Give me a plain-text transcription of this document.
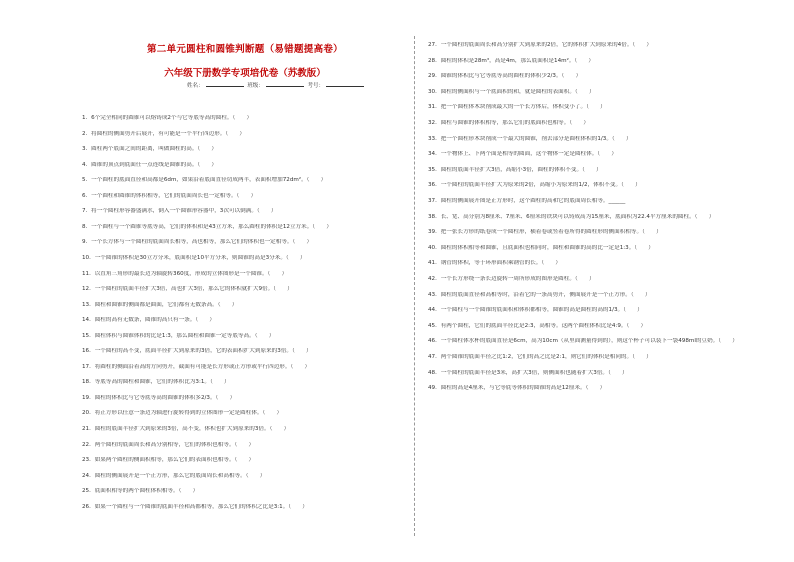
第二单元圆柱和圆锥判断题（易错题提高卷）
六年级下册数学专项培优卷（苏教版）
姓名：	班级：	考号：
1．6个完全相同的圆锥可以熔铸成2个与它等底等高的圆柱。（　　）
2．将圆柱的侧面剪开后展开，有可能是一个平行四边形。（　　）
3．圆柱两个底面之间的距离，叫做圆柱的高。（　　）
4．圆锥的顶点到底面任一点连线是圆锥的高。（　　）
5．一个圆柱的底面直径和高都是6dm，如果沿着底面直径切成两半，表面积增加72dm²。（　　）
6．一个圆柱和圆锥的体积相等，它们的底面周长也一定相等。（　　）
7．将一个圆柱形容器盛满水，倒入一个圆锥形容器中，3次可以倒满。（　　）
8．一个圆柱与一个圆锥等底等高，它们的体积和是43立方米，那么圆柱的体积是12立方米。（　　）
9．一个长方体与一个圆柱的底面周长相等，高也相等，那么它们的体积也一定相等。（　　）
10．一个圆锥的体积是30立方分米，底面积是10平方分米，则圆锥的高是3分米。（　　）
11．以直角三角形的最长边为轴旋转360度，形成的立体图形是一个圆锥。（　　）
12．一个圆柱的底面半径扩大3倍，高也扩大3倍，那么它的体积就扩大9倍。（　　）
13．圆柱和圆锥的侧面都是曲面，它们都有无数条高。（　　）
14．圆柱的高有无数条，圆锥的高只有一条。（　　）
15．圆柱体积与圆锥体积的比是1:3，那么圆柱和圆锥一定等底等高。（　　）
16．一个圆柱的高不变，底面半径扩大到原来的3倍，它的表面积扩大到原来的3倍。（　　）
17．将圆柱的侧面沿着高的方向剪开，截面有可能是长方形或正方形或平行四边形。（　　）
18．等底等高的圆柱和圆锥，它们的体积比为3:1。（　　）
19．圆柱的体积比与它等底等高的圆锥的体积多2/3。（　　）
20．将正方形以任意一条边为轴进行旋转得到的立体图形一定是圆柱体。（　　）
21．圆柱的底面半径扩大到原来的3倍，高不变，体积也扩大到原来的3倍。（　　）
22．两个圆柱的底面周长和高分别相等，它们的体积也相等。（　　）
23．如果两个圆柱的侧面积相等，那么它们的表面积也相等。（　　）
24．圆柱的侧面展开是一个正方形，那么它的底面周长和高相等。（　　）
25．底面积相等的两个圆柱体积相等。（　　）
26．如果一个圆柱与一个圆锥的底面半径和高都相等，那么它们的体积之比是3:1。（　　）
27．一个圆柱的底面周长和高分别扩大到原来的2倍，它的体积扩大到原来的4倍。（　　）
28．圆柱的体积是28m³，高是4m，那么底面积是14m²。（　　）
29．圆锥的体积比与它等底等高的圆柱的体积少2/3。（　　）
30．圆柱的侧面积与一个底面积的和，就是圆柱的表面积。（　　）
31．把一个圆柱体木块削成最大的一个长方体后，体积变小了。（　　）
32．圆柱与圆锥的体积相等，那么它们的底面积也相等。（　　）
33．把一个圆柱形木块削成一个最大的圆锥，削去部分是圆柱体积的1/3。（　　）
34．一个物体上、下两个面是相等的圆面，这个物体一定是圆柱体。（　　）
35．圆柱的底面半径扩大3倍，高缩小3倍，圆柱的体积不变。（　　）
36．一个圆柱的底面半径扩大为原来的2倍，高缩小为原来的1/2，体积不变。（　　）
37．圆柱的侧面展开图是正方形时，这个圆柱的高和它的底面周长相等。______
38．长、宽、高分别为8厘米、7厘米、6厘米的铁块可以铸成高为15厘米，底面积为22.4平方厘米的圆柱。（　　）
39．把一张长方形的纸卷成一个圆柱形，横着卷或竖着卷所得的圆柱形的侧面积相等。（　　）
40．圆柱的体积相等和圆锥，且底面积也相同时，圆柱和圆锥的高的比一定是1:3。（　　）
41．钢管的体积，等于环形面积乘钢管的长。（　　）
42．一个长方形绕一条长边旋转一周所形成的图形是圆柱。（　　）
43．圆柱的底面直径和高相等时，沿着它的一条高剪开，侧面展开是一个正方形。（　　）
44．一个圆柱与一个圆锥的底面积和体积都相等，圆锥的高是圆柱的高的1/3。（　　）
45．有两个圆柱，它们的底面半径比是2:3，高相等。这两个圆柱体积比是4:9。（　　）
46．一个圆柱体水杯的底面直径是6cm，高为10cm（从里面测量得到的），则这个杯子可以装下一袋498ml的豆奶。（　　）
47．两个圆锥的底面半径之比1:2，它们的高之比是2:1，则它们的体积是相同的。（　　）
48．一个圆柱的底面半径是3米，高扩大3倍，则侧面积也随着扩大3倍。（　　）
49．圆柱的高是4厘米，与它等底等体积的圆锥的高是12厘米。（　　）
